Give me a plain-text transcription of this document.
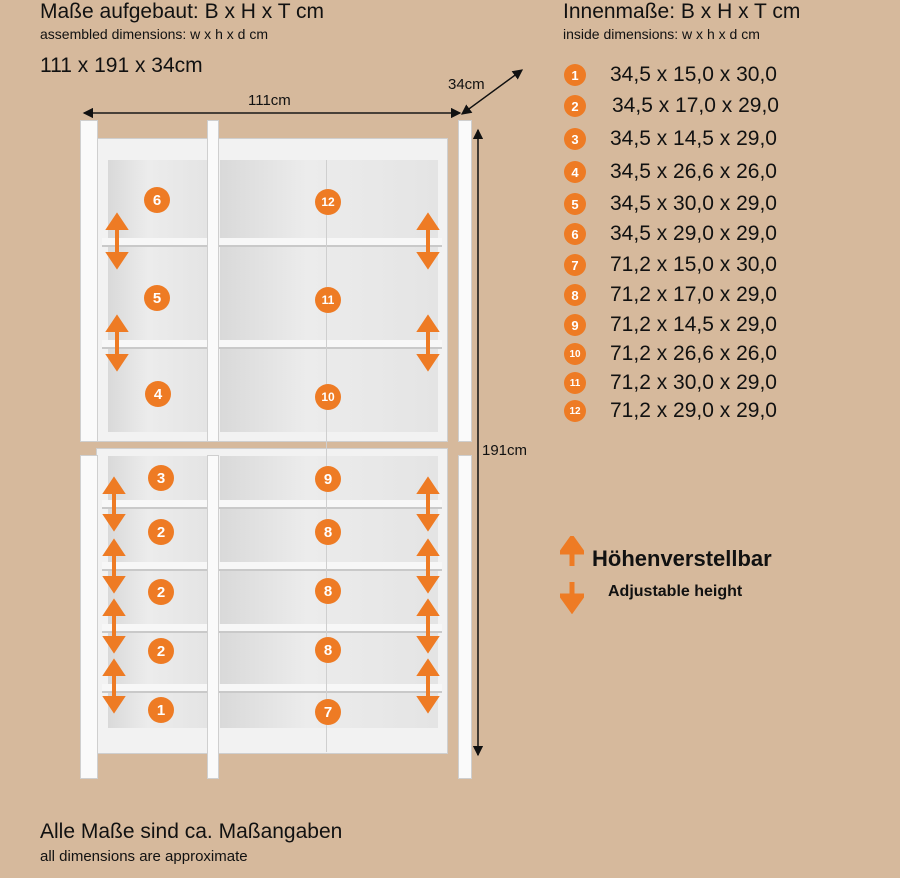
Maße aufgebaut: B x H x T cm
assembled dimensions: w x h x d cm
111 x 191 x 34cm
Innenmaße: B x H x T cm
inside dimensions: w x h x d cm
111cm
34cm
191cm
6
5
4
3
2
2
2
1
12
11
10
9
8
8
8
7
1	34,5 x 15,0 x 30,0
2	34,5 x 17,0 x 29,0
3	34,5 x 14,5 x 29,0
4	34,5 x 26,6 x 26,0
5	34,5 x 30,0 x 29,0
6	34,5 x 29,0 x 29,0
7	71,2 x 15,0 x 30,0
8	71,2 x 17,0 x 29,0
9	71,2 x 14,5 x 29,0
10 71,2 x 26,6 x 26,0
11 71,2 x 30,0 x 29,0
12 71,2 x 29,0 x 29,0
Höhenverstellbar
Adjustable height
Alle Maße sind ca. Maßangaben
all dimensions are approximate
